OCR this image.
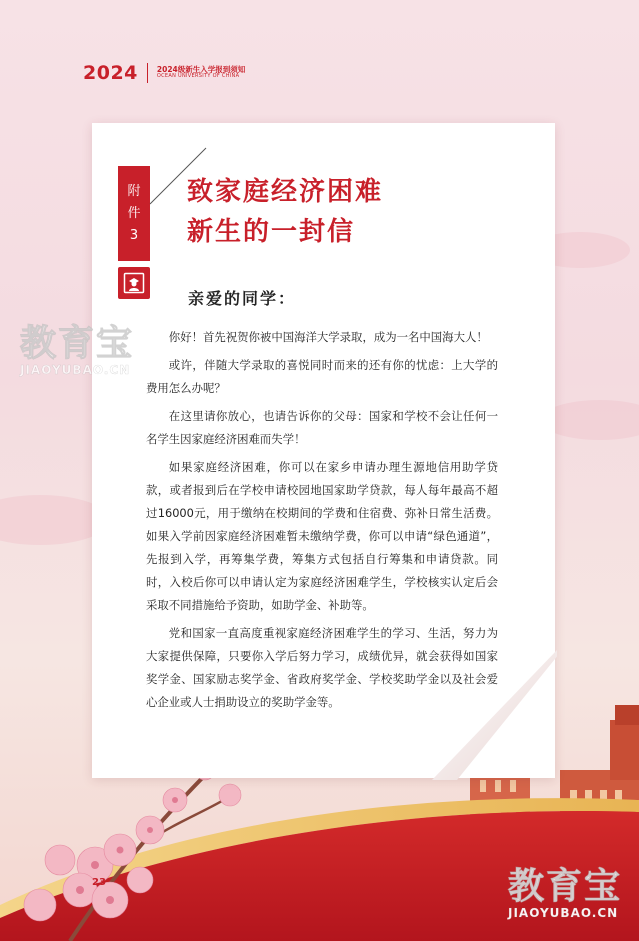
2024	2024级新生入学报到须知
OCEAN UNIVERSITY OF CHINA
附
件
3
致家庭经济困难
新生的一封信
亲爱的同学：

你好！首先祝贺你被中国海洋大学录取，成为一名中国海大人！

或许，伴随大学录取的喜悦同时而来的还有你的忧虑：上大学的费用怎么办呢？

在这里请你放心，也请告诉你的父母：国家和学校不会让任何一名学生因家庭经济困难而失学！

如果家庭经济困难，你可以在家乡申请办理生源地信用助学贷款，或者报到后在学校申请校园地国家助学贷款，每人每年最高不超过16000元，用于缴纳在校期间的学费和住宿费、弥补日常生活费。如果入学前因家庭经济困难暂未缴纳学费，你可以申请“绿色通道”，先报到入学，再筹集学费，筹集方式包括自行筹集和申请贷款。同时，入校后你可以申请认定为家庭经济困难学生，学校核实认定后会采取不同措施给予资助，如助学金、补助等。

党和国家一直高度重视家庭经济困难学生的学习、生活，努力为大家提供保障，只要你入学后努力学习，成绩优异，就会获得如国家奖学金、国家励志奖学金、省政府奖学金、学校奖助学金以及社会爱心企业或人士捐助设立的奖助学金等。

教育宝
JIAOYUBAO.CN
教育宝
JIAOYUBAO.CN
23
